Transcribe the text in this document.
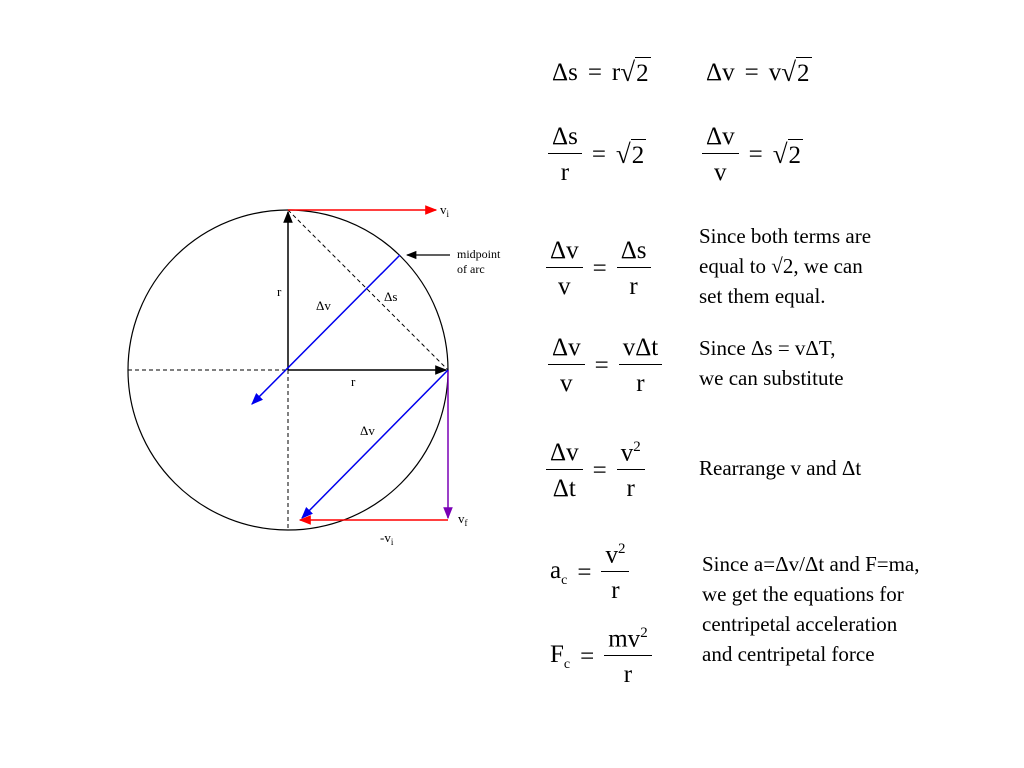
$v_i$
midpoint
of arc
r
Δv
Δs
r
Δv
$v_f$
$-v_i$
Δs = r√2 Δv = v√2
$\frac{\Delta s}{r} = √2 \frac{\Delta v}{v} = √2$
$\frac{\Delta v}{v} = \frac{\Delta s}{r}$
Since both terms are
equal to √2, we can
set them equal.
$\frac{\Delta v}{v} = \frac{\text{vΔt}}{r}$ Since Δs = vΔT,
we can substitute
$\frac{\Delta v}{\Delta t} = \frac{v^2}{r}$	Rearrange v and Δt
$a_c = \frac{v^2}{r}$
$F_c = \frac{mv^2}{r}$
Since a=Δv/Δt and F=ma,
we get the equations for
centripetal acceleration
and centripetal force
